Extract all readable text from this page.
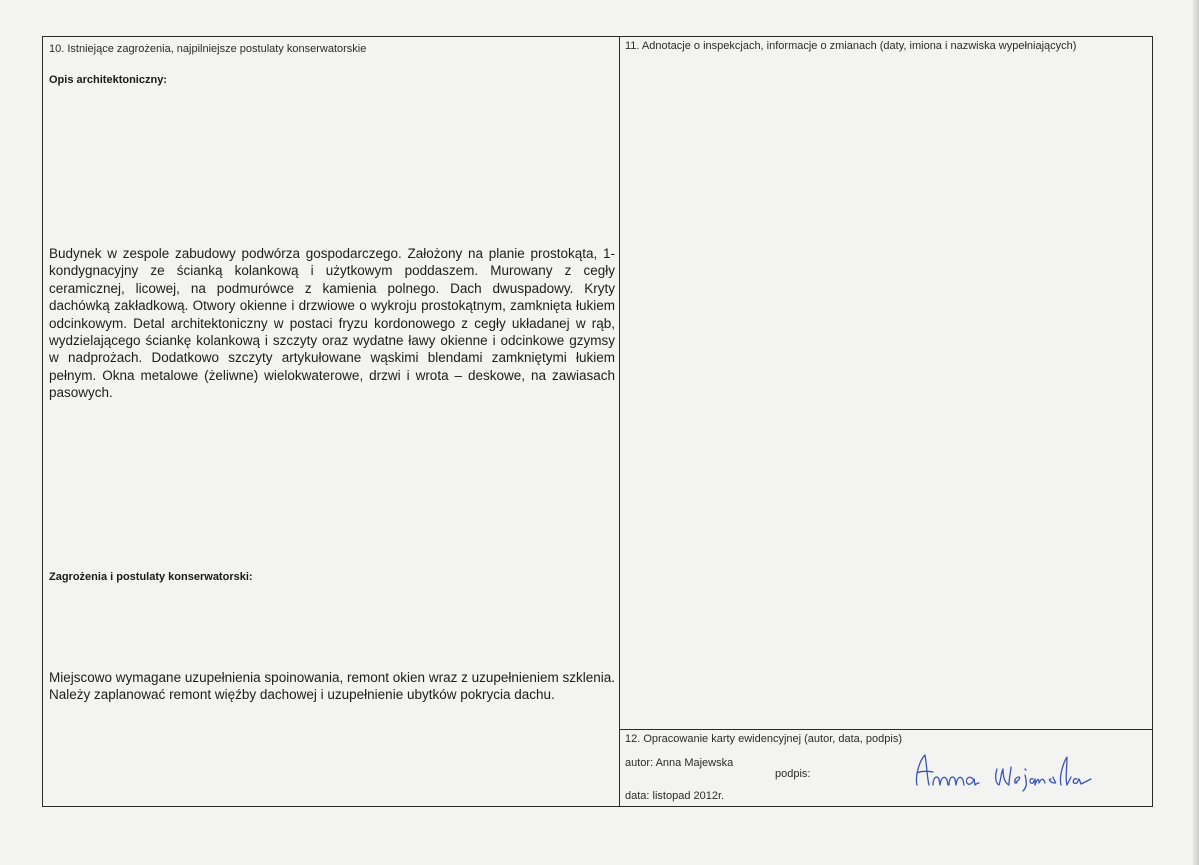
10. Istniejące zagrożenia, najpilniejsze postulaty konserwatorskie
Opis architektoniczny:
Budynek w zespole zabudowy podwórza gospodarczego. Założony na planie prostokąta, 1-kondygnacyjny ze ścianką kolankową i użytkowym poddaszem. Murowany z cegły ceramicznej, licowej, na podmurówce z kamienia polnego. Dach dwuspadowy. Kryty dachówką zakładkową. Otwory okienne i drzwiowe o wykroju prostokątnym, zamknięta łukiem odcinkowym. Detal architektoniczny w postaci fryzu kordonowego z cegły układanej w rąb, wydzielającego ściankę kolankową i szczyty oraz wydatne ławy okienne i odcinkowe gzymsy w nadprożach. Dodatkowo szczyty artykułowane wąskimi blendami zamkniętymi łukiem pełnym. Okna metalowe (żeliwne) wielokwaterowe, drzwi i wrota – deskowe, na zawiasach pasowych.
Zagrożenia i postulaty konserwatorski:
Miejscowo wymagane uzupełnienia spoinowania, remont okien wraz z uzupełnieniem szklenia. Należy zaplanować remont więźby dachowej i uzupełnienie ubytków pokrycia dachu.
11. Adnotacje o inspekcjach, informacje o zmianach (daty, imiona i nazwiska wypełniających)
12. Opracowanie karty ewidencyjnej (autor, data, podpis)
autor: Anna Majewska
podpis:
data: listopad 2012r.
